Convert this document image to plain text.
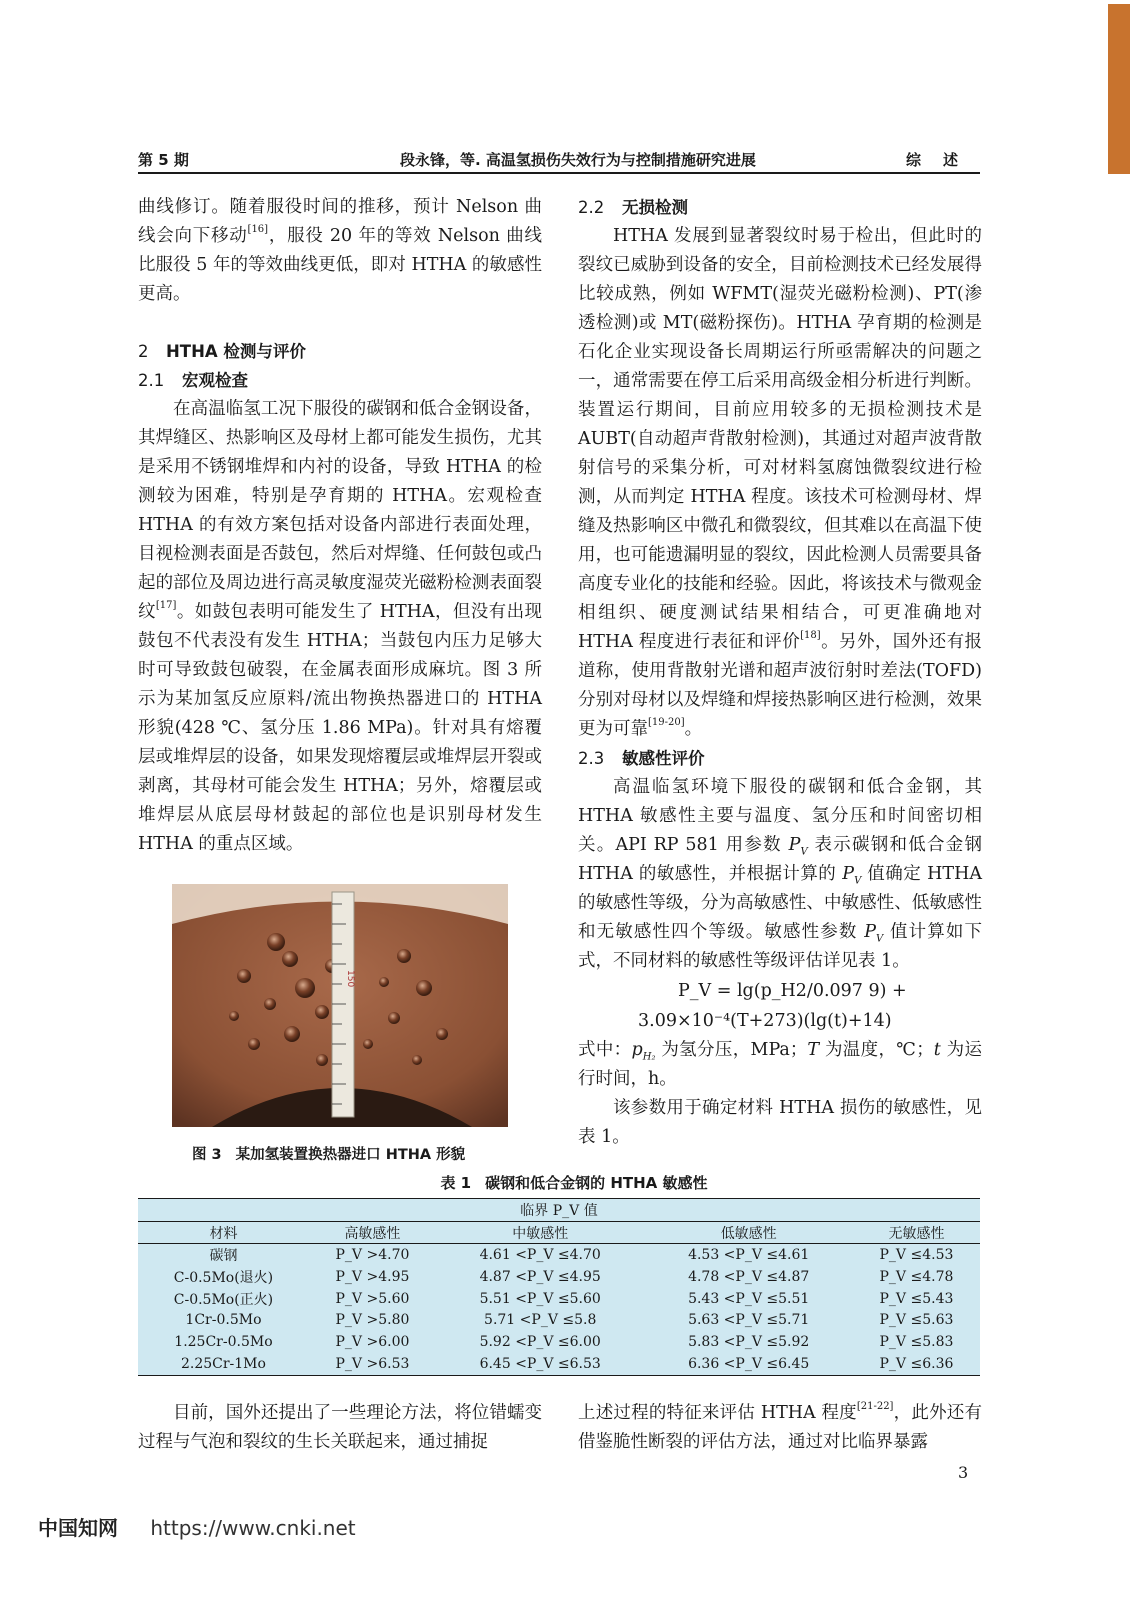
第 5 期	段永锋，等. 高温氢损伤失效行为与控制措施研究进展	综述

曲线修订。随着服役时间的推移，预计 Nelson 曲线会向下移动[16]，服役 20 年的等效 Nelson 曲线比服役 5 年的等效曲线更低，即对 HTHA 的敏感性更高。

2 HTHA 检测与评价
2.1 宏观检查

在高温临氢工况下服役的碳钢和低合金钢设备，其焊缝区、热影响区及母材上都可能发生损伤，尤其是采用不锈钢堆焊和内衬的设备，导致 HTHA 的检测较为困难，特别是孕育期的 HTHA。宏观检查 HTHA 的有效方案包括对设备内部进行表面处理，目视检测表面是否鼓包，然后对焊缝、任何鼓包或凸起的部位及周边进行高灵敏度湿荧光磁粉检测表面裂纹[17]。如鼓包表明可能发生了 HTHA，但没有出现鼓包不代表没有发生 HTHA；当鼓包内压力足够大时可导致鼓包破裂，在金属表面形成麻坑。图 3 所示为某加氢反应原料/流出物换热器进口的 HTHA 形貌(428 ℃、氢分压 1.86 MPa)。针对具有熔覆层或堆焊层的设备，如果发现熔覆层或堆焊层开裂或剥离，其母材可能会发生 HTHA；另外，熔覆层或堆焊层从底层母材鼓起的部位也是识别母材发生 HTHA 的重点区域。

150
图 3 某加氢装置换热器进口 HTHA 形貌
2.2 无损检测

HTHA 发展到显著裂纹时易于检出，但此时的裂纹已威胁到设备的安全，目前检测技术已经发展得比较成熟，例如 WFMT(湿荧光磁粉检测)、PT(渗透检测)或 MT(磁粉探伤)。HTHA 孕育期的检测是石化企业实现设备长周期运行所亟需解决的问题之一，通常需要在停工后采用高级金相分析进行判断。装置运行期间，目前应用较多的无损检测技术是 AUBT(自动超声背散射检测)，其通过对超声波背散射信号的采集分析，可对材料氢腐蚀微裂纹进行检测，从而判定 HTHA 程度。该技术可检测母材、焊缝及热影响区中微孔和微裂纹，但其难以在高温下使用，也可能遗漏明显的裂纹，因此检测人员需要具备高度专业化的技能和经验。因此，将该技术与微观金相组织、硬度测试结果相结合，可更准确地对 HTHA 程度进行表征和评价[18]。另外，国外还有报道称，使用背散射光谱和超声波衍射时差法(TOFD)分别对母材以及焊缝和焊接热影响区进行检测，效果更为可靠[19-20]。

2.3 敏感性评价

高温临氢环境下服役的碳钢和低合金钢，其 HTHA 敏感性主要与温度、氢分压和时间密切相关。API RP 581 用参数 $P_V$ 表示碳钢和低合金钢 HTHA 的敏感性，并根据计算的 $P_V$ 值确定 HTHA 的敏感性等级，分为高敏感性、中敏感性、低敏感性和无敏感性四个等级。敏感性参数 $P_V$ 值计算如下式，不同材料的敏感性等级评估详见表 1。

P_V = lg(p_H2/0.097 9) +
3.09×10⁻⁴(T+273)(lg(t)+14)

式中：$p_{H_2}$ 为氢分压，MPa；T 为温度，℃；t 为运行时间，h。

该参数用于确定材料 HTHA 损伤的敏感性，见表 1。

表 1 碳钢和低合金钢的 HTHA 敏感性
临界 P_V 值				
材料	高敏感性	中敏感性	低敏感性	无敏感性
碳钢	P_V >4.70	4.61 <P_V ≤4.70	4.53 <P_V ≤4.61	P_V ≤4.53
C-0.5Mo(退火)	P_V >4.95	4.87 <P_V ≤4.95	4.78 <P_V ≤4.87	P_V ≤4.78
C-0.5Mo(正火)	P_V >5.60	5.51 <P_V ≤5.60	5.43 <P_V ≤5.51	P_V ≤5.43
1Cr-0.5Mo	P_V >5.80	5.71 <P_V ≤5.8	5.63 <P_V ≤5.71	P_V ≤5.63
1.25Cr-0.5Mo	P_V >6.00	5.92 <P_V ≤6.00	5.83 <P_V ≤5.92	P_V ≤5.83
2.25Cr-1Mo	P_V >6.53	6.45 <P_V ≤6.53	6.36 <P_V ≤6.45	P_V ≤6.36

目前，国外还提出了一些理论方法，将位错蠕变过程与气泡和裂纹的生长关联起来，通过捕捉

上述过程的特征来评估 HTHA 程度[21-22]，此外还有借鉴脆性断裂的评估方法，通过对比临界暴露

3
中国知网 https://www.cnki.net
